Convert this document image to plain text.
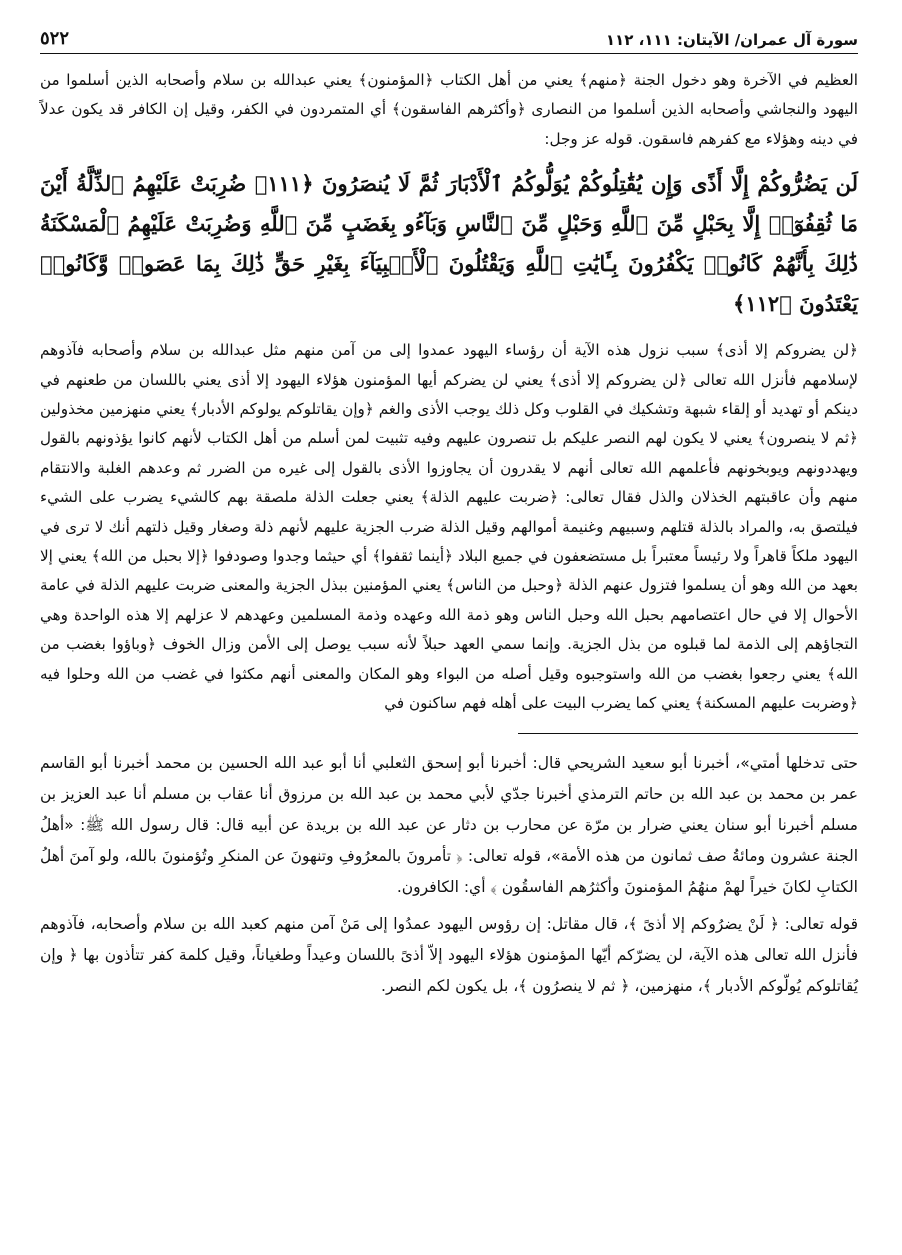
سورة آل عمران/ الآيتان: ١١١، ١١٢
٥٢٢

العظيم في الآخرة وهو دخول الجنة ﴿منهم﴾ يعني من أهل الكتاب ﴿المؤمنون﴾ يعني عبدالله بن سلام وأصحابه الذين أسلموا من اليهود والنجاشي وأصحابه الذين أسلموا من النصارى ﴿وأكثرهم الفاسقون﴾ أي المتمردون في الكفر، وقيل إن الكافر قد يكون عدلاً في دينه وهؤلاء مع كفرهم فاسقون. قوله عز وجل:

لَن يَضُرُّوكُمْ إِلَّا أَذًى وَإِن يُقَٰتِلُوكُمْ يُوَلُّوكُمُ ٱلْأَدْبَارَ ثُمَّ لَا يُنصَرُونَ ﴿١١١﴾ ضُرِبَتْ عَلَيْهِمُ ٱلذِّلَّةُ أَيْنَ مَا ثُقِفُوٓا۟ إِلَّا بِحَبْلٍ مِّنَ ٱللَّهِ وَحَبْلٍ مِّنَ ٱلنَّاسِ وَبَآءُو بِغَضَبٍ مِّنَ ٱللَّهِ وَضُرِبَتْ عَلَيْهِمُ ٱلْمَسْكَنَةُ ذَٰلِكَ بِأَنَّهُمْ كَانُوا۟ يَكْفُرُونَ بِـَٔايَٰتِ ٱللَّهِ وَيَقْتُلُونَ ٱلْأَنۢبِيَآءَ بِغَيْرِ حَقٍّ ذَٰلِكَ بِمَا عَصَوا۟ وَّكَانُوا۟ يَعْتَدُونَ ﴿١١٢﴾

﴿لن يضروكم إلا أذى﴾ سبب نزول هذه الآية أن رؤساء اليهود عمدوا إلى من آمن منهم مثل عبدالله بن سلام وأصحابه فآذوهم لإسلامهم فأنزل الله تعالى ﴿لن يضروكم إلا أذى﴾ يعني لن يضركم أيها المؤمنون هؤلاء اليهود إلا أذى يعني باللسان من طعنهم في دينكم أو تهديد أو إلقاء شبهة وتشكيك في القلوب وكل ذلك يوجب الأذى والغم ﴿وإن يقاتلوكم يولوكم الأدبار﴾ يعني منهزمين مخذولين ﴿ثم لا ينصرون﴾ يعني لا يكون لهم النصر عليكم بل تنصرون عليهم وفيه تثبيت لمن أسلم من أهل الكتاب لأنهم كانوا يؤذونهم بالقول ويهددونهم ويوبخونهم فأعلمهم الله تعالى أنهم لا يقدرون أن يجاوزوا الأذى بالقول إلى غيره من الضرر ثم وعدهم الغلبة والانتقام منهم وأن عاقبتهم الخذلان والذل فقال تعالى: ﴿ضربت عليهم الذلة﴾ يعني جعلت الذلة ملصقة بهم كالشيء يضرب على الشيء فيلتصق به، والمراد بالذلة قتلهم وسبيهم وغنيمة أموالهم وقيل الذلة ضرب الجزية عليهم لأنهم ذلة وصغار وقيل ذلتهم أنك لا ترى في اليهود ملكاً قاهراً ولا رئيساً معتبراً بل مستضعفون في جميع البلاد ﴿أينما ثقفوا﴾ أي حيثما وجدوا وصودفوا ﴿إلا بحبل من الله﴾ يعني إلا بعهد من الله وهو أن يسلموا فتزول عنهم الذلة ﴿وحبل من الناس﴾ يعني المؤمنين ببذل الجزية والمعنى ضربت عليهم الذلة في عامة الأحوال إلا في حال اعتصامهم بحبل الله وحبل الناس وهو ذمة الله وعهده وذمة المسلمين وعهدهم لا عزلهم إلا هذه الواحدة وهي التجاؤهم إلى الذمة لما قبلوه من بذل الجزية. وإنما سمي العهد حبلاً لأنه سبب يوصل إلى الأمن وزال الخوف ﴿وباؤوا بغضب من الله﴾ يعني رجعوا بغضب من الله واستوجبوه وقيل أصله من البواء وهو المكان والمعنى أنهم مكثوا في غضب من الله وحلوا فيه ﴿وضربت عليهم المسكنة﴾ يعني كما يضرب البيت على أهله فهم ساكنون في

حتى تدخلها أمتي»، أخبرنا أبو سعيد الشريحي قال: أخبرنا أبو إسحق الثعلبي أنا أبو عبد الله الحسين بن محمد أخبرنا أبو القاسم عمر بن محمد بن عبد الله بن حاتم الترمذي أخبرنا جدّي لأبي محمد بن عبد الله بن مرزوق أنا عقاب بن مسلم أنا عبد العزيز بن مسلم أخبرنا أبو سنان يعني ضرار بن مرّة عن محارب بن دثار عن عبد الله بن بريدة عن أبيه قال: قال رسول الله ﷺ: «أهلُ الجنة عشرون ومائةُ صف ثمانون من هذه الأمة»، قوله تعالى: ﴿ تأمرونَ بالمعرُوفِ وتنهونَ عن المنكرِ وتُؤمنونَ بالله، ولو آمنَ أهلُ الكتابِ لكانَ خيراً لهمْ منهُمُ المؤمنونَ وأكثرُهم الفاسقُون ﴾ أي: الكافرون.

قوله تعالى: ﴿ لَنْ يضرُوكم إلا أذىً ﴾، قال مقاتل: إن رؤوس اليهود عمدُوا إلى مَنْ آمن منهم كعبد الله بن سلام وأصحابه، فآذوهم فأنزل الله تعالى هذه الآية، لن يضرّكم أيّها المؤمنون هؤلاء اليهود إلاّ أذىً باللسان وعيداً وطغياناً، وقيل كلمة كفر تتأذون بها ﴿ وإن يُقاتلوكم يُولّوكم الأدبار ﴾، منهزمين، ﴿ ثم لا ينصرُون ﴾، بل يكون لكم النصر.
